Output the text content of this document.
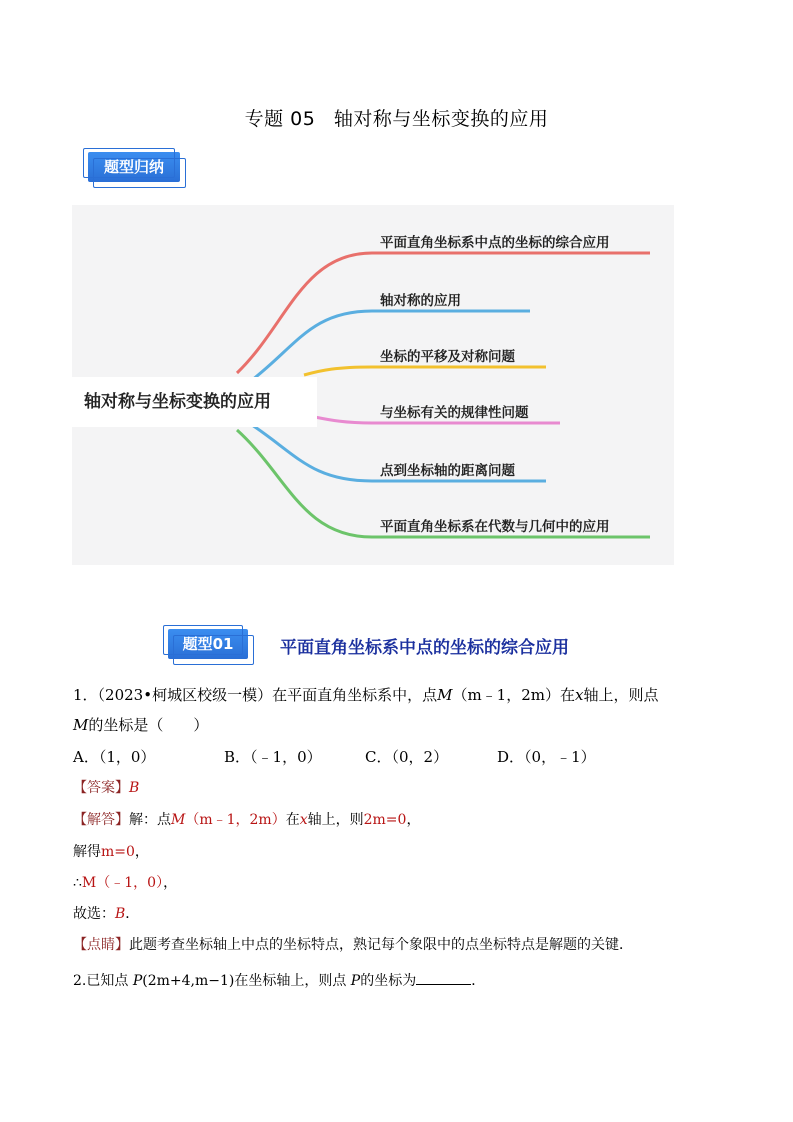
专题 05 轴对称与坐标变换的应用
题型归纳
轴对称与坐标变换的应用
平面直角坐标系中点的坐标的综合应用
轴对称的应用
坐标的平移及对称问题
与坐标有关的规律性问题
点到坐标轴的距离问题
平面直角坐标系在代数与几何中的应用
题型01	平面直角坐标系中点的坐标的综合应用
1．（2023•柯城区校级一模）在平面直角坐标系中，点M（m﹣1，2m）在x轴上，则点
M的坐标是（　　）
A．（1，0）	B．（﹣1，0）	C．（0，2）	D．（0，﹣1）
【答案】B
【解答】解：点M（m﹣1，2m）在x轴上，则2m=0，
解得m=0，
∴M（﹣1，0），
故选：B．
【点睛】此题考查坐标轴上中点的坐标特点，熟记每个象限中的点坐标特点是解题的关键．
2.已知点 P(2m+4,m−1)在坐标轴上，则点 P的坐标为	．
